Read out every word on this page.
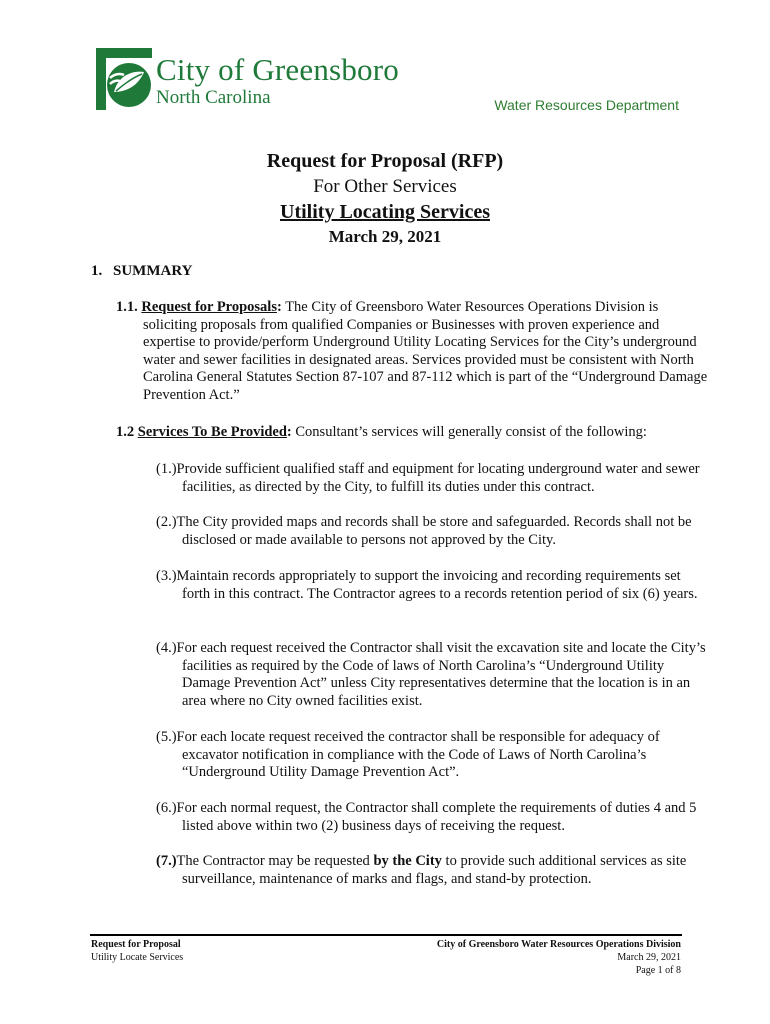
City of Greensboro
North Carolina	Water Resources Department
Request for Proposal (RFP)
For Other Services
Utility Locating Services
March 29, 2021
1. SUMMARY
1.1. Request for Proposals: The City of Greensboro Water Resources Operations Division is soliciting proposals from qualified Companies or Businesses with proven experience and expertise to provide/perform Underground Utility Locating Services for the City’s underground water and sewer facilities in designated areas. Services provided must be consistent with North Carolina General Statutes Section 87-107 and 87-112 which is part of the “Underground Damage Prevention Act.”
1.2 Services To Be Provided: Consultant’s services will generally consist of the following:
(1.)Provide sufficient qualified staff and equipment for locating underground water and sewer facilities, as directed by the City, to fulfill its duties under this contract.
(2.)The City provided maps and records shall be store and safeguarded. Records shall not be disclosed or made available to persons not approved by the City.
(3.)Maintain records appropriately to support the invoicing and recording requirements set forth in this contract. The Contractor agrees to a records retention period of six (6) years.
(4.)For each request received the Contractor shall visit the excavation site and locate the City’s facilities as required by the Code of laws of North Carolina’s “Underground Utility Damage Prevention Act” unless City representatives determine that the location is in an area where no City owned facilities exist.
(5.)For each locate request received the contractor shall be responsible for adequacy of excavator notification in compliance with the Code of Laws of North Carolina’s “Underground Utility Damage Prevention Act”.
(6.)For each normal request, the Contractor shall complete the requirements of duties 4 and 5 listed above within two (2) business days of receiving the request.
(7.)The Contractor may be requested by the City to provide such additional services as site surveillance, maintenance of marks and flags, and stand-by protection.
Request for Proposal
Utility Locate Services
City of Greensboro Water Resources Operations Division
March 29, 2021
Page 1 of 8
